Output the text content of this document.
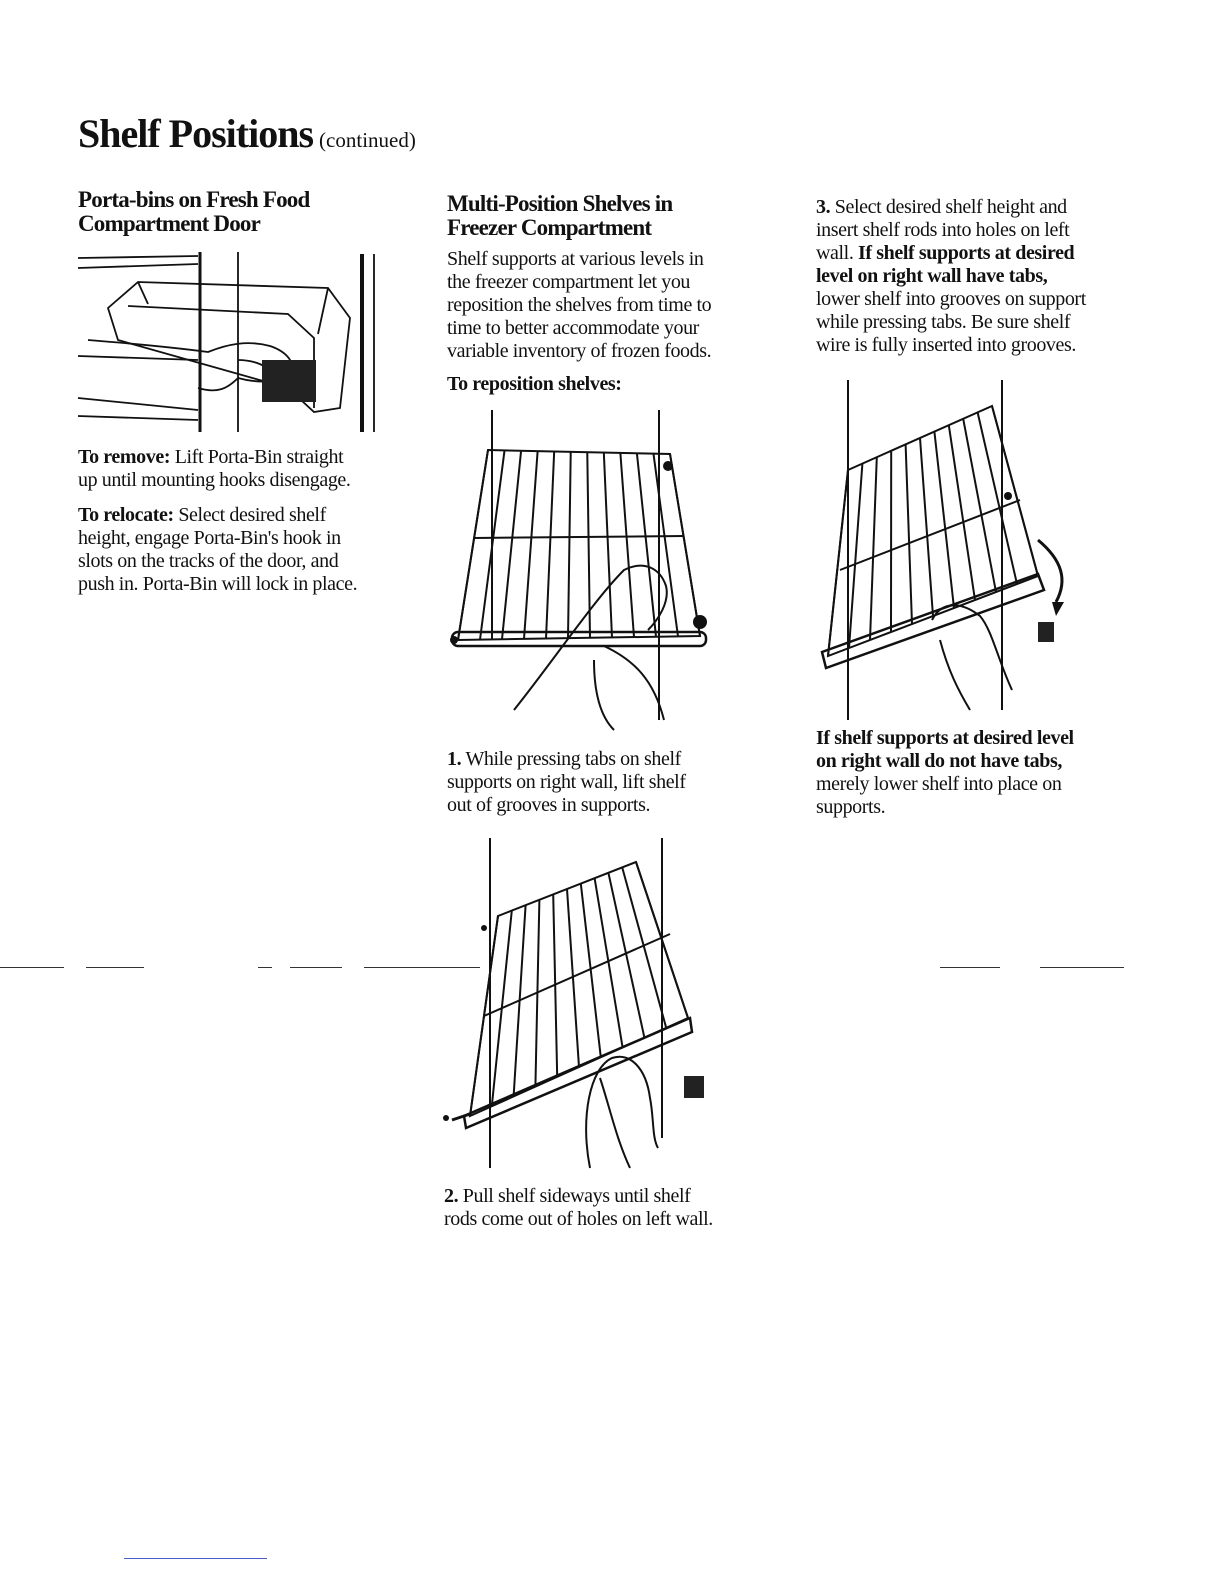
Shelf Positions (continued)

Porta-bins on Fresh Food
Compartment Door

To remove: Lift Porta-Bin straight
up until mounting hooks disengage.

To relocate: Select desired shelf
height, engage Porta-Bin's hook in
slots on the tracks of the door, and
push in. Porta-Bin will lock in place.

Multi-Position Shelves in
Freezer Compartment

Shelf supports at various levels in
the freezer compartment let you
reposition the shelves from time to
time to better accommodate your
variable inventory of frozen foods.

To reposition shelves:

1. While pressing tabs on shelf
supports on right wall, lift shelf
out of grooves in supports.

2. Pull shelf sideways until shelf
rods come out of holes on left wall.

3. Select desired shelf height and
insert shelf rods into holes on left
wall. If shelf supports at desired
level on right wall have tabs,
lower shelf into grooves on support
while pressing tabs. Be sure shelf
wire is fully inserted into grooves.

If shelf supports at desired level
on right wall do not have tabs,
merely lower shelf into place on
supports.
